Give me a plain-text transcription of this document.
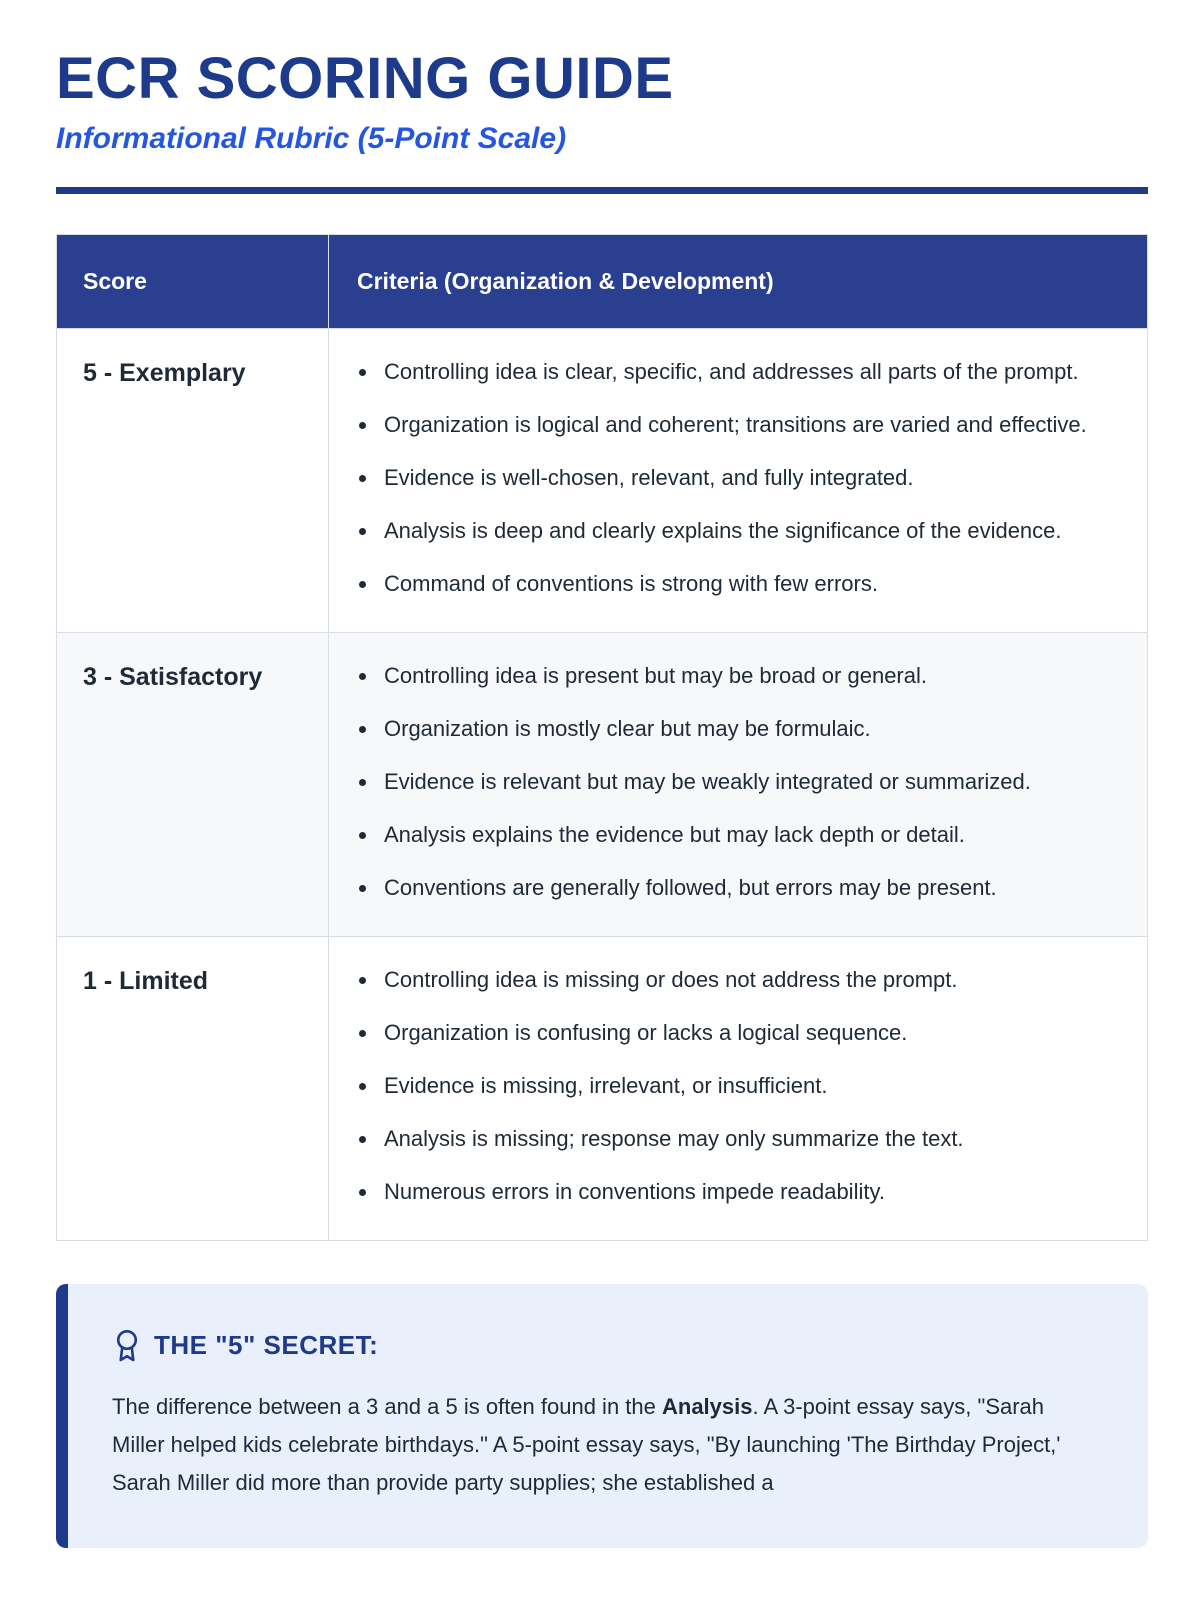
ECR SCORING GUIDE

Informational Rubric (5-Point Scale)

Score	Criteria (Organization & Development)
5 - Exemplary	
•Controlling idea is clear, specific, and addresses all parts of the prompt.
• Organization is logical and coherent; transitions are varied and effective.
• Evidence is well-chosen, relevant, and fully integrated.
• Analysis is deep and clearly explains the significance of the evidence.
• Command of conventions is strong with few errors.

3 - Satisfactory	
•Controlling idea is present but may be broad or general.
• Organization is mostly clear but may be formulaic.
• Evidence is relevant but may be weakly integrated or summarized.
• Analysis explains the evidence but may lack depth or detail.
• Conventions are generally followed, but errors may be present.

1 - Limited	
•Controlling idea is missing or does not address the prompt.
• Organization is confusing or lacks a logical sequence.
• Evidence is missing, irrelevant, or insufficient.
• Analysis is missing; response may only summarize the text.
• Numerous errors in conventions impede readability.
THE "5" SECRET:

The difference between a 3 and a 5 is often found in the Analysis. A 3-point essay says, "Sarah Miller helped kids celebrate birthdays." A 5-point essay says, "By launching 'The Birthday Project,' Sarah Miller did more than provide party supplies; she established a
